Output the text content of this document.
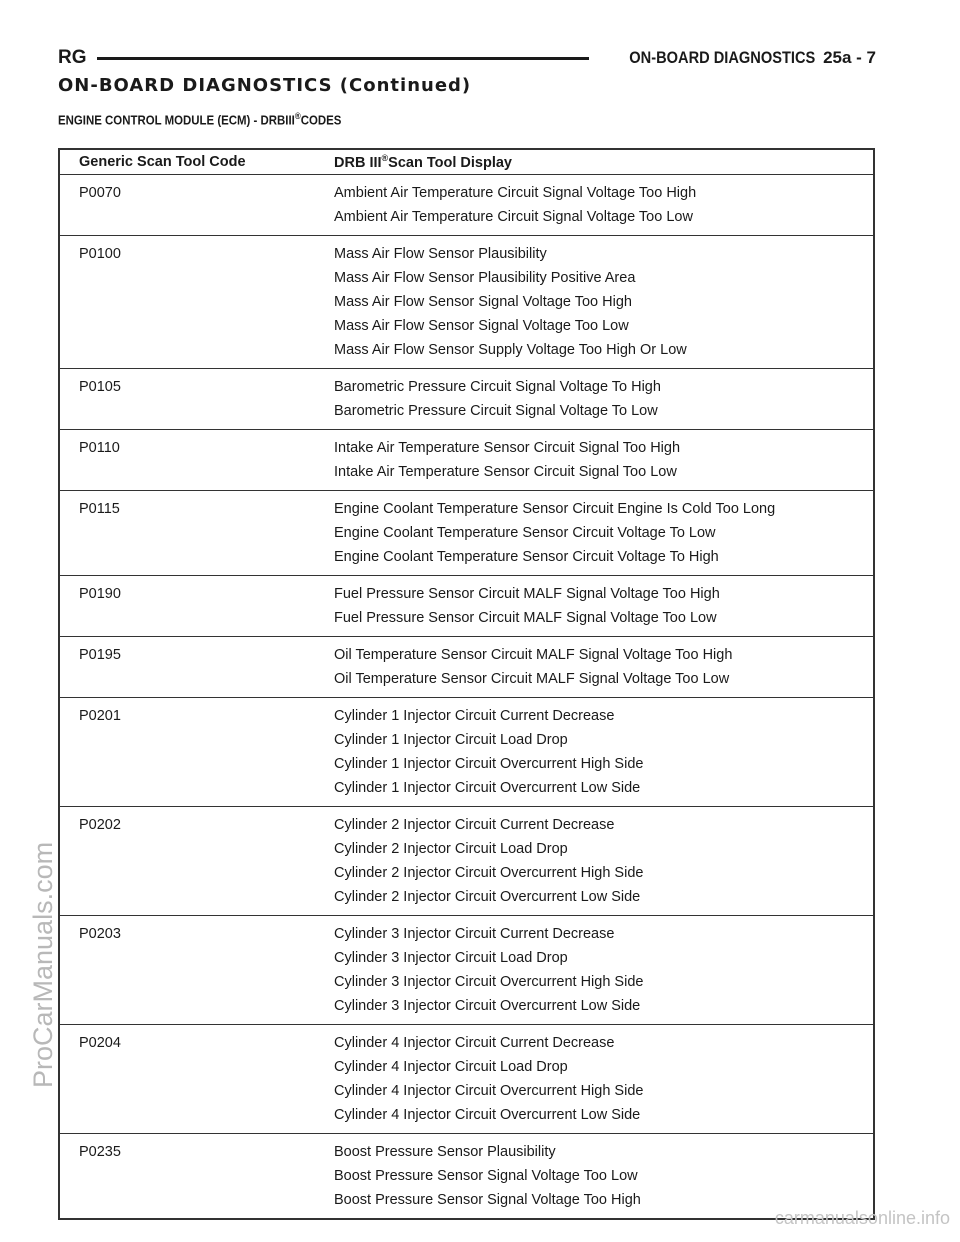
RG	ON-BOARD DIAGNOSTICS 25a - 7
ON-BOARD DIAGNOSTICS (Continued)
ENGINE CONTROL MODULE (ECM) - DRBIII®CODES
Generic Scan Tool Code	DRB III®Scan Tool Display

P0070	Ambient Air Temperature Circuit Signal Voltage Too High
Ambient Air Temperature Circuit Signal Voltage Too Low

P0100	Mass Air Flow Sensor Plausibility
Mass Air Flow Sensor Plausibility Positive Area
Mass Air Flow Sensor Signal Voltage Too High
Mass Air Flow Sensor Signal Voltage Too Low
Mass Air Flow Sensor Supply Voltage Too High Or Low

P0105	Barometric Pressure Circuit Signal Voltage To High
Barometric Pressure Circuit Signal Voltage To Low

P0110	Intake Air Temperature Sensor Circuit Signal Too High
Intake Air Temperature Sensor Circuit Signal Too Low

P0115	Engine Coolant Temperature Sensor Circuit Engine Is Cold Too Long
Engine Coolant Temperature Sensor Circuit Voltage To Low
Engine Coolant Temperature Sensor Circuit Voltage To High

P0190	Fuel Pressure Sensor Circuit MALF Signal Voltage Too High
Fuel Pressure Sensor Circuit MALF Signal Voltage Too Low

P0195	Oil Temperature Sensor Circuit MALF Signal Voltage Too High
Oil Temperature Sensor Circuit MALF Signal Voltage Too Low

P0201	Cylinder 1 Injector Circuit Current Decrease
Cylinder 1 Injector Circuit Load Drop
Cylinder 1 Injector Circuit Overcurrent High Side
Cylinder 1 Injector Circuit Overcurrent Low Side

P0202	Cylinder 2 Injector Circuit Current Decrease
Cylinder 2 Injector Circuit Load Drop
Cylinder 2 Injector Circuit Overcurrent High Side
Cylinder 2 Injector Circuit Overcurrent Low Side

P0203	Cylinder 3 Injector Circuit Current Decrease
Cylinder 3 Injector Circuit Load Drop
Cylinder 3 Injector Circuit Overcurrent High Side
Cylinder 3 Injector Circuit Overcurrent Low Side

P0204	Cylinder 4 Injector Circuit Current Decrease
Cylinder 4 Injector Circuit Load Drop
Cylinder 4 Injector Circuit Overcurrent High Side
Cylinder 4 Injector Circuit Overcurrent Low Side

P0235	Boost Pressure Sensor Plausibility
Boost Pressure Sensor Signal Voltage Too Low
Boost Pressure Sensor Signal Voltage Too High
ProCarManuals.com
carmanualsonline.info
